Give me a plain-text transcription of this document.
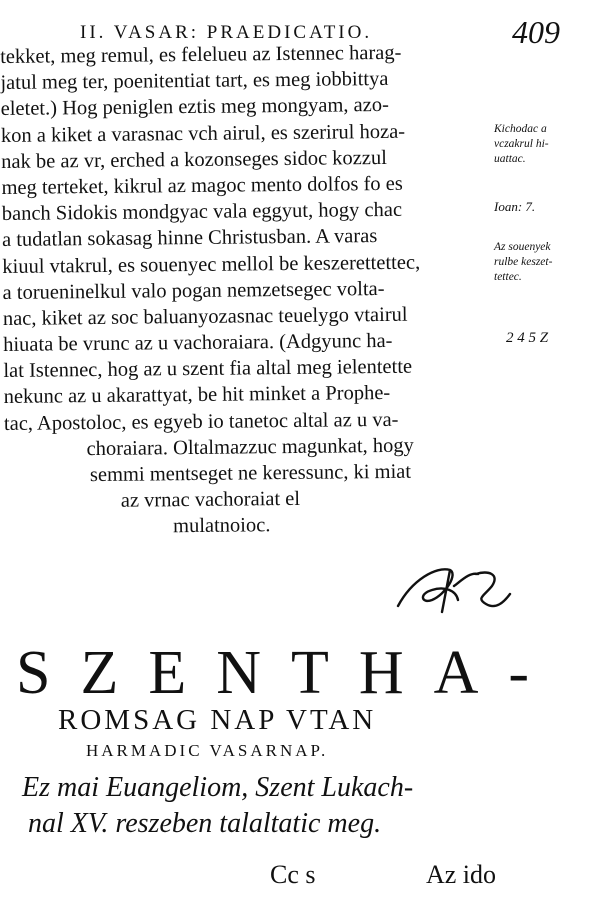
II. VASAR: PRAEDICATIO.	409
tekket, meg remul, es felelueu az Istennec harag-
jatul meg ter, poenitentiat tart, es meg iobbittya
eletet.) Hog peniglen eztis meg mongyam, azo-
kon a kiket a varasnac vch airul, es szerirul hoza-
nak be az vr, erched a kozonseges sidoc kozzul
meg terteket, kikrul az magoc mento dolfos fo es
banch Sidokis mondgyac vala eggyut, hogy chac
a tudatlan sokasag hinne Christusban. A varas
kiuul vtakrul, es souenyec mellol be keszerettettec,
a torueninelkul valo pogan nemzetsegec volta-
nac, kiket az soc baluanyozasnac teuelygo vtairul
hiuata be vrunc az u vachoraiara. (Adgyunc ha-
lat Istennec, hog az u szent fia altal meg ielentette
nekunc az u akarattyat, be hit minket a Prophe-
tac, Apostoloc, es egyeb io tanetoc altal az u va-
choraiara. Oltalmazzuc magunkat, hogy
semmi mentseget ne keressunc, ki miat
az vrnac vachoraiat el
mulatnoioc.
Kichodac a
vczakrul hi-
uattac.
Ioan: 7.
Az souenyek
rulbe keszet-
tettec.
2 4 5 Z
SZENTHA-
ROMSAG NAP VTAN
HARMADIC VASARNAP.
Ez mai Euangeliom, Szent Lukach-
nal XV. reszeben talaltatic meg.
Cc s	Az ido
